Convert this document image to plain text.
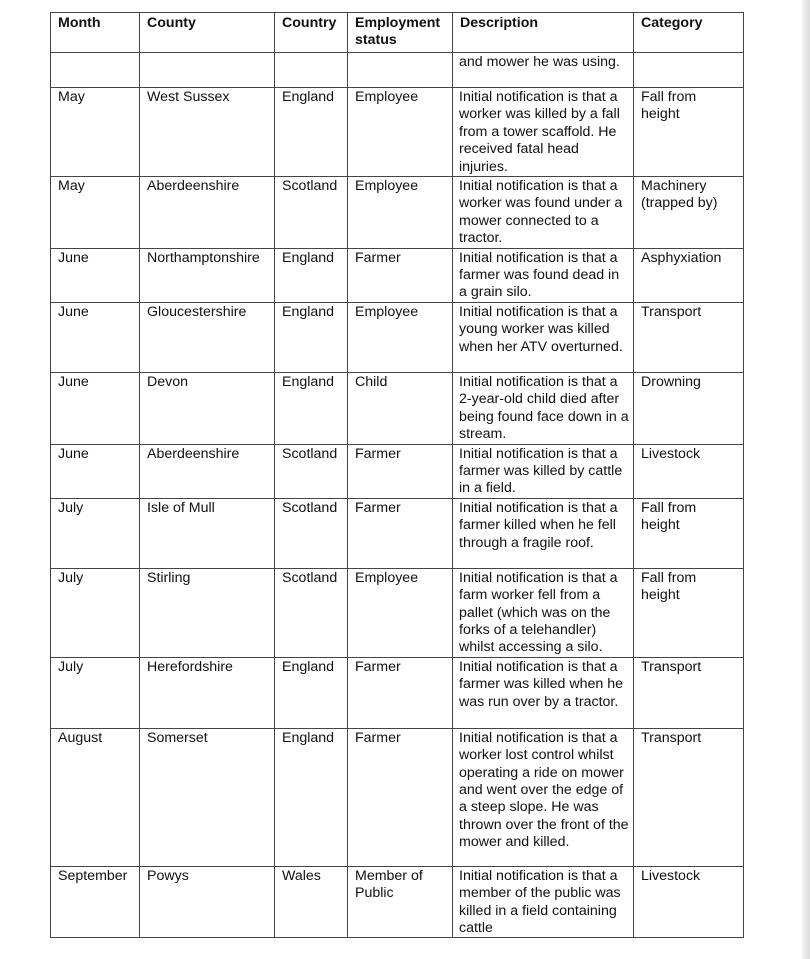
Month	County	Country	Employment status	Description	Category
				and mower he was using.	
May	West Sussex	England	Employee	Initial notification is that a worker was killed by a fall from a tower scaffold. He received fatal head injuries.	Fall from height
May	Aberdeenshire	Scotland	Employee	Initial notification is that a worker was found under a mower connected to a tractor.	Machinery (trapped by)
June	Northamptonshire	England	Farmer	Initial notification is that a farmer was found dead in a grain silo.	Asphyxiation
June	Gloucestershire	England	Employee	Initial notification is that a young worker was killed when her ATV overturned.	Transport
June	Devon	England	Child	Initial notification is that a 2-year-old child died after being found face down in a stream.	Drowning
June	Aberdeenshire	Scotland	Farmer	Initial notification is that a farmer was killed by cattle in a field.	Livestock
July	Isle of Mull	Scotland	Farmer	Initial notification is that a farmer killed when he fell through a fragile roof.	Fall from height
July	Stirling	Scotland	Employee	Initial notification is that a farm worker fell from a pallet (which was on the forks of a telehandler) whilst accessing a silo.	Fall from height
July	Herefordshire	England	Farmer	Initial notification is that a farmer was killed when he was run over by a tractor.	Transport
August	Somerset	England	Farmer	Initial notification is that a worker lost control whilst operating a ride on mower and went over the edge of a steep slope. He was thrown over the front of the mower and killed.	Transport
September	Powys	Wales	Member of Public	Initial notification is that a member of the public was killed in a field containing cattle	Livestock
